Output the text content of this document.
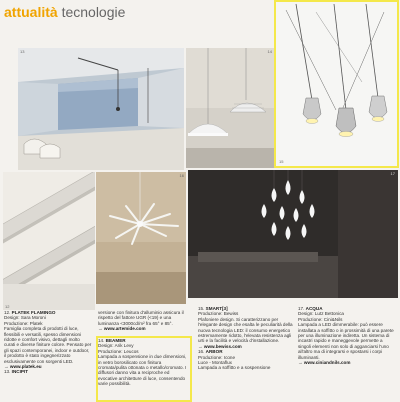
attualità tecnologie
12
13	14
15
16	17
12. PLATEK FLAMINGO
Design: Sara Moroni
Produzione: Platek
Famiglia completa di prodotti di luce, flessibili e versatili, spesso dimensioni ridotte e comfort visivo, dettagli molto curati e diverse finiture colore. Pensato per gli spazi contemporanei, indoor e outdoor, il prodotto è stato ingegnerizzato esclusivamente con sorgenti LED.
→ www.platek.eu
13. INCIPIT
versione con finitura d'alluminio assicura il rispetto del fattore UGR (<19) e una luminanza <3000cd/m² fra 65° e 85°.
→ www.artemide.com
14. BEAMER
Design: Arik Levy
Produzione: Leucos
Lampada a sospensione in due dimensioni, in vetro borosilicato con finitura cromata/pulita ottonata o metallo/cromato. I diffusori danno vita a reciproche ed evocative architetture di luce, consentendo varie possibilità.
15. SMART[3]
Produzione: Bewiss
Plafoniere design. Si caratterizzano per l'elegante design che esalta le peculiarità della nuova tecnologia LED: il consumo energetico estremamente ridotto, l'elevata resistenza agli urti e la facilità e velocità d'installazione.
→ www.bewiss.com
16. ARBOR
Produzione: Icone
Luce - Montaflux
Lampada a soffitto e a sospensione
17. ACQUA
Design: Lutz Bettonica
Produzione: Cini&Nils
Lampada a LED dimmerabile: può essere installata a soffitto o in prossimità di una parete per una illuminazione indiretta. Un sistema di incastri rapido e maneggevole permette a singoli elementi non solo di agganciarsi l'uno all'altro ma di integrarsi e spostarsi i corpi illuminanti.
→ www.ciniandnils.com
